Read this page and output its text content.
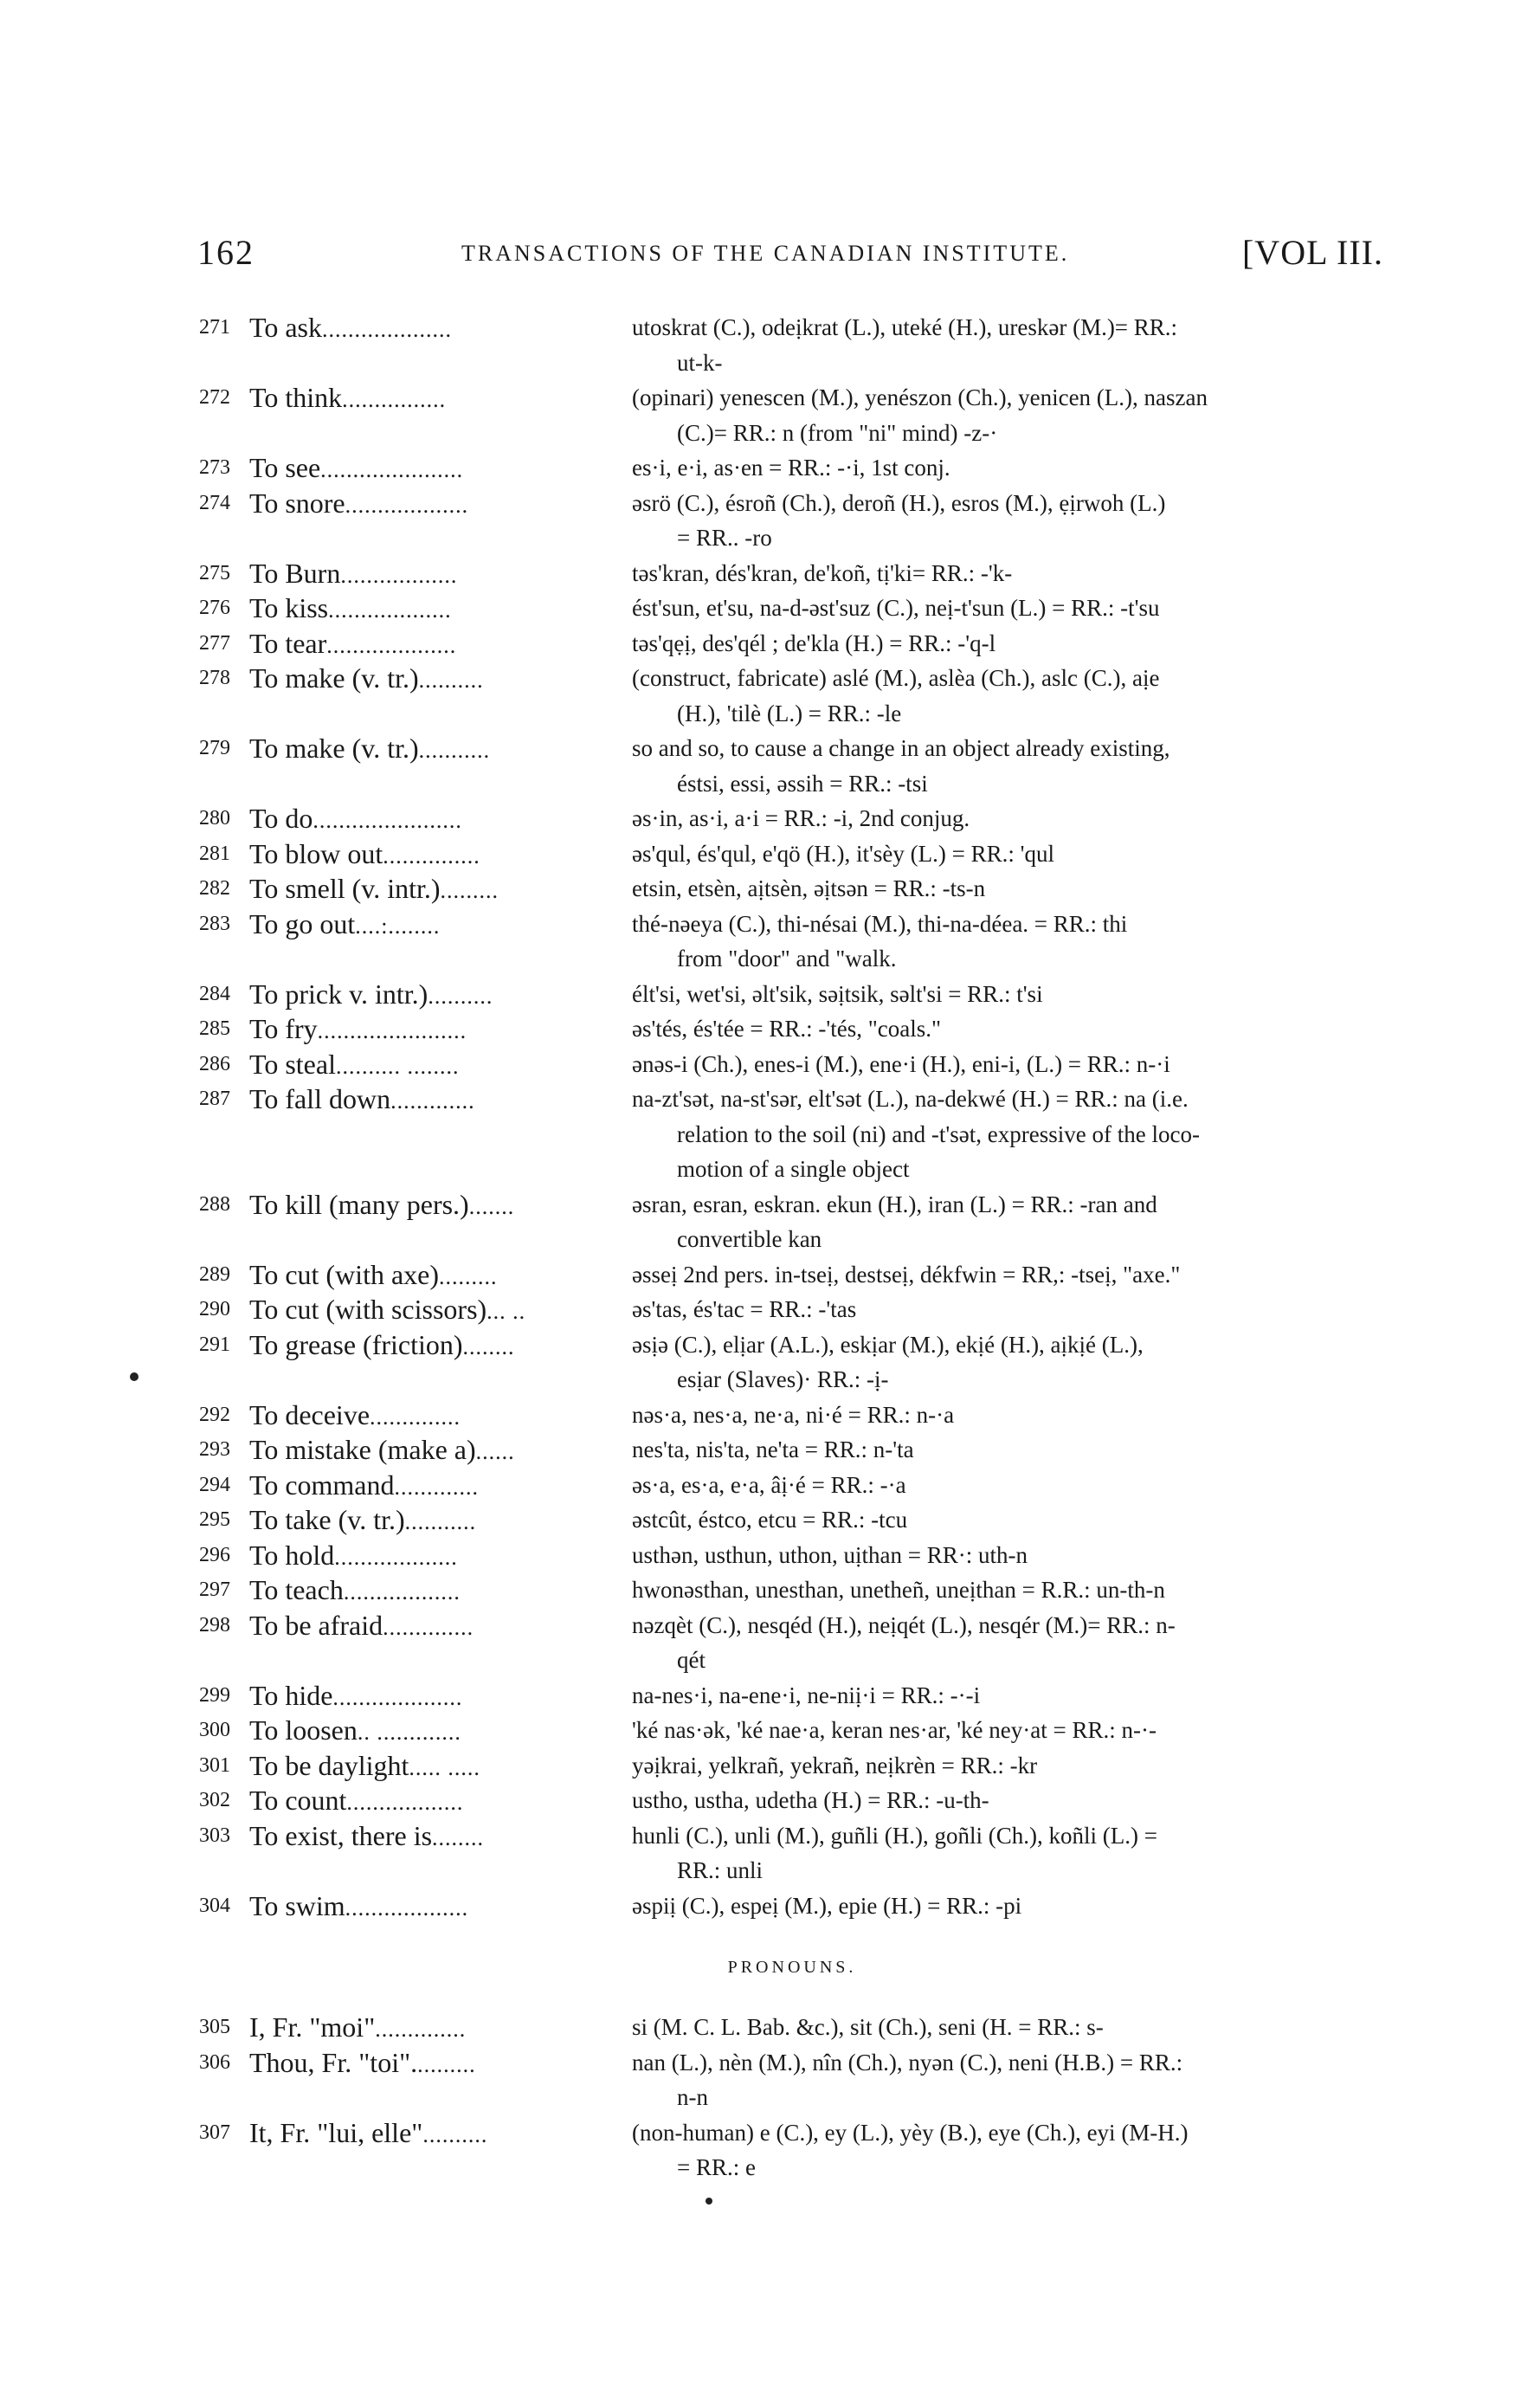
162	TRANSACTIONS OF THE CANADIAN INSTITUTE.	[VOL III.
271 To ask....................	utoskrat (C.), odeịkrat (L.), uteké (H.), ureskər (M.)= RR.:
ut-k-
272 To think................	(opinari) yenescen (M.), yenészon (Ch.), yenicen (L.), naszan
(C.)= RR.: n (from "ni" mind) -z-·
273 To see......................	es·i, e·i, as·en = RR.: -·i, 1st conj.
274 To snore...................	əsrö (C.), ésroñ (Ch.), deroñ (H.), esros (M.), ẹịrwoh (L.)
= RR.. -ro
275 To Burn..................	təs'kran, dés'kran, de'koñ, tị'ki= RR.: -'k-
276 To kiss...................	ést'sun, et'su, na-d-əst'suz (C.), neị-t'sun (L.) = RR.: -t'su
277 To tear....................	təs'qẹị, des'qél ; de'kla (H.) = RR.: -'q-l
278 To make (v. tr.)..........	(construct, fabricate) aslé (M.), aslèa (Ch.), aslc (C.), aịe
(H.), 'tilè (L.) = RR.: -le
279 To make (v. tr.)...........	so and so, to cause a change in an object already existing,
éstsi, essi, əssih = RR.: -tsi
280 To do.......................	əs·in, as·i, a·i = RR.: -i, 2nd conjug.
281 To blow out...............	əs'qul, és'qul, e'qö (H.), it'sèy (L.) = RR.: 'qul
282 To smell (v. intr.).........	etsin, etsèn, aịtsèn, əịtsən = RR.: -ts-n
283 To go out....:........	thé-nəeya (C.), thi-nésai (M.), thi-na-déea. = RR.: thi
from "door" and "walk.
284 To prick v. intr.)..........	élt'si, wet'si, əlt'sik, səịtsik, səlt'si = RR.: t'si
285 To fry.......................	əs'tés, és'tée = RR.: -'tés, "coals."
286 To steal.......... ........	ənəs-i (Ch.), enes-i (M.), ene·i (H.), eni-i, (L.) = RR.: n-·i
287 To fall down.............	na-zt'sət, na-st'sər, elt'sət (L.), na-dekwé (H.) = RR.: na (i.e.
relation to the soil (ni) and -t'sət, expressive of the loco-
motion of a single object
288 To kill (many pers.).......	əsran, esran, eskran. ekun (H.), iran (L.) = RR.: -ran and
convertible kan
289 To cut (with axe).........	əsseị 2nd pers. in-tseị, destseị, dékfwin = RR,: -tseị, "axe."
290 To cut (with scissors)... ..	əs'tas, és'tac = RR.: -'tas
291 To grease (friction)........	əsịə (C.), elịar (A.L.), eskịar (M.), ekịé (H.), aịkịé (L.),
esịar (Slaves)· RR.: -ị-
292 To deceive..............	nəs·a, nes·a, ne·a, ni·é = RR.: n-·a
293 To mistake (make a)......	nes'ta, nis'ta, ne'ta = RR.: n-'ta
294 To command.............	əs·a, es·a, e·a, âị·é = RR.: -·a
295 To take (v. tr.)...........	əstcût, éstco, etcu = RR.: -tcu
296 To hold...................	usthən, usthun, uthon, uịthan = RR·: uth-n
297 To teach..................	hwonəsthan, unesthan, unetheñ, uneịthan = R.R.: un-th-n
298 To be afraid..............	nəzqèt (C.), nesqéd (H.), neịqét (L.), nesqér (M.)= RR.: n-
qét
299 To hide....................	na-nes·i, na-ene·i, ne-niị·i = RR.: -·-i
300 To loosen.. .............	'ké nas·ək, 'ké nae·a, keran nes·ar, 'ké ney·at = RR.: n-·-
301 To be daylight..... .....	yəịkrai, yelkrañ, yekrañ, neịkrèn = RR.: -kr
302 To count..................	ustho, ustha, udetha (H.) = RR.: -u-th-
303 To exist, there is........	hunli (C.), unli (M.), guñli (H.), goñli (Ch.), koñli (L.) =
RR.: unli
304 To swim...................	əspiị (C.), espeị (M.), epie (H.) = RR.: -pi
PRONOUNS.
305 I, Fr. "moi"..............	si (M. C. L. Bab. &c.), sit (Ch.), seni (H. = RR.: s-
306 Thou, Fr. "toi"..........	nan (L.), nèn (M.), nîn (Ch.), nyən (C.), neni (H.B.) = RR.:
n-n
307 It, Fr. "lui, elle"..........	(non-human) e (C.), ey (L.), yèy (B.), eye (Ch.), eyi (M-H.)
= RR.: e
